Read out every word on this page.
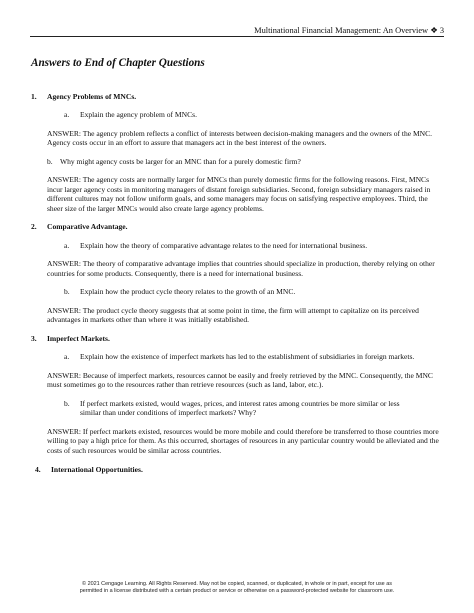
Multinational Financial Management: An Overview ❖ 3
Answers to End of Chapter Questions
1. Agency Problems of MNCs.
a. Explain the agency problem of MNCs.
ANSWER: The agency problem reflects a conflict of interests between decision-making managers and the owners of the MNC. Agency costs occur in an effort to assure that managers act in the best interest of the owners.
b. Why might agency costs be larger for an MNC than for a purely domestic firm?
ANSWER: The agency costs are normally larger for MNCs than purely domestic firms for the following reasons. First, MNCs incur larger agency costs in monitoring managers of distant foreign subsidiaries. Second, foreign subsidiary managers raised in different cultures may not follow uniform goals, and some managers may focus on satisfying respective employees. Third, the sheer size of the larger MNCs would also create large agency problems.
2. Comparative Advantage.
a. Explain how the theory of comparative advantage relates to the need for international business.
ANSWER: The theory of comparative advantage implies that countries should specialize in production, thereby relying on other countries for some products. Consequently, there is a need for international business.
b. Explain how the product cycle theory relates to the growth of an MNC.
ANSWER: The product cycle theory suggests that at some point in time, the firm will attempt to capitalize on its perceived advantages in markets other than where it was initially established.
3. Imperfect Markets.
a. Explain how the existence of imperfect markets has led to the establishment of subsidiaries in foreign markets.
ANSWER: Because of imperfect markets, resources cannot be easily and freely retrieved by the MNC. Consequently, the MNC must sometimes go to the resources rather than retrieve resources (such as land, labor, etc.).
b. If perfect markets existed, would wages, prices, and interest rates among countries be more similar or less similar than under conditions of imperfect markets? Why?
ANSWER: If perfect markets existed, resources would be more mobile and could therefore be transferred to those countries more willing to pay a high price for them. As this occurred, shortages of resources in any particular country would be alleviated and the costs of such resources would be similar across countries.
4. International Opportunities.
© 2021 Cengage Learning. All Rights Reserved. May not be copied, scanned, or duplicated, in whole or in part, except for use as
permitted in a license distributed with a certain product or service or otherwise on a password-protected website for classroom use.
